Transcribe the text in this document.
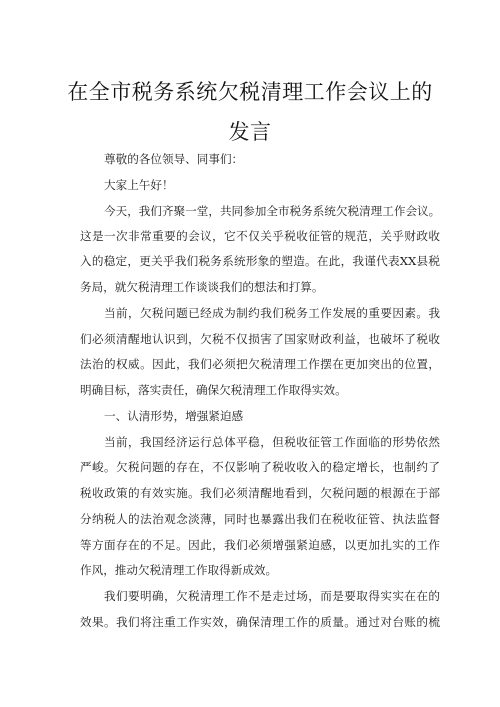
在全市税务系统欠税清理工作会议上的
发言
尊敬的各位领导、同事们：
大家上午好！
今天，我们齐聚一堂，共同参加全市税务系统欠税清理工作会议。
这是一次非常重要的会议，它不仅关乎税收征管的规范，关乎财政收
入的稳定，更关乎我们税务系统形象的塑造。在此，我谨代表XX县税
务局，就欠税清理工作谈谈我们的想法和打算。
当前，欠税问题已经成为制约我们税务工作发展的重要因素。我
们必须清醒地认识到，欠税不仅损害了国家财政利益，也破坏了税收
法治的权威。因此，我们必须把欠税清理工作摆在更加突出的位置，
明确目标，落实责任，确保欠税清理工作取得实效。
一、认清形势，增强紧迫感
当前，我国经济运行总体平稳，但税收征管工作面临的形势依然
严峻。欠税问题的存在，不仅影响了税收收入的稳定增长，也制约了
税收政策的有效实施。我们必须清醒地看到，欠税问题的根源在于部
分纳税人的法治观念淡薄，同时也暴露出我们在税收征管、执法监督
等方面存在的不足。因此，我们必须增强紧迫感，以更加扎实的工作
作风，推动欠税清理工作取得新成效。
我们要明确，欠税清理工作不是走过场，而是要取得实实在在的
效果。我们将注重工作实效，确保清理工作的质量。通过对台账的梳
